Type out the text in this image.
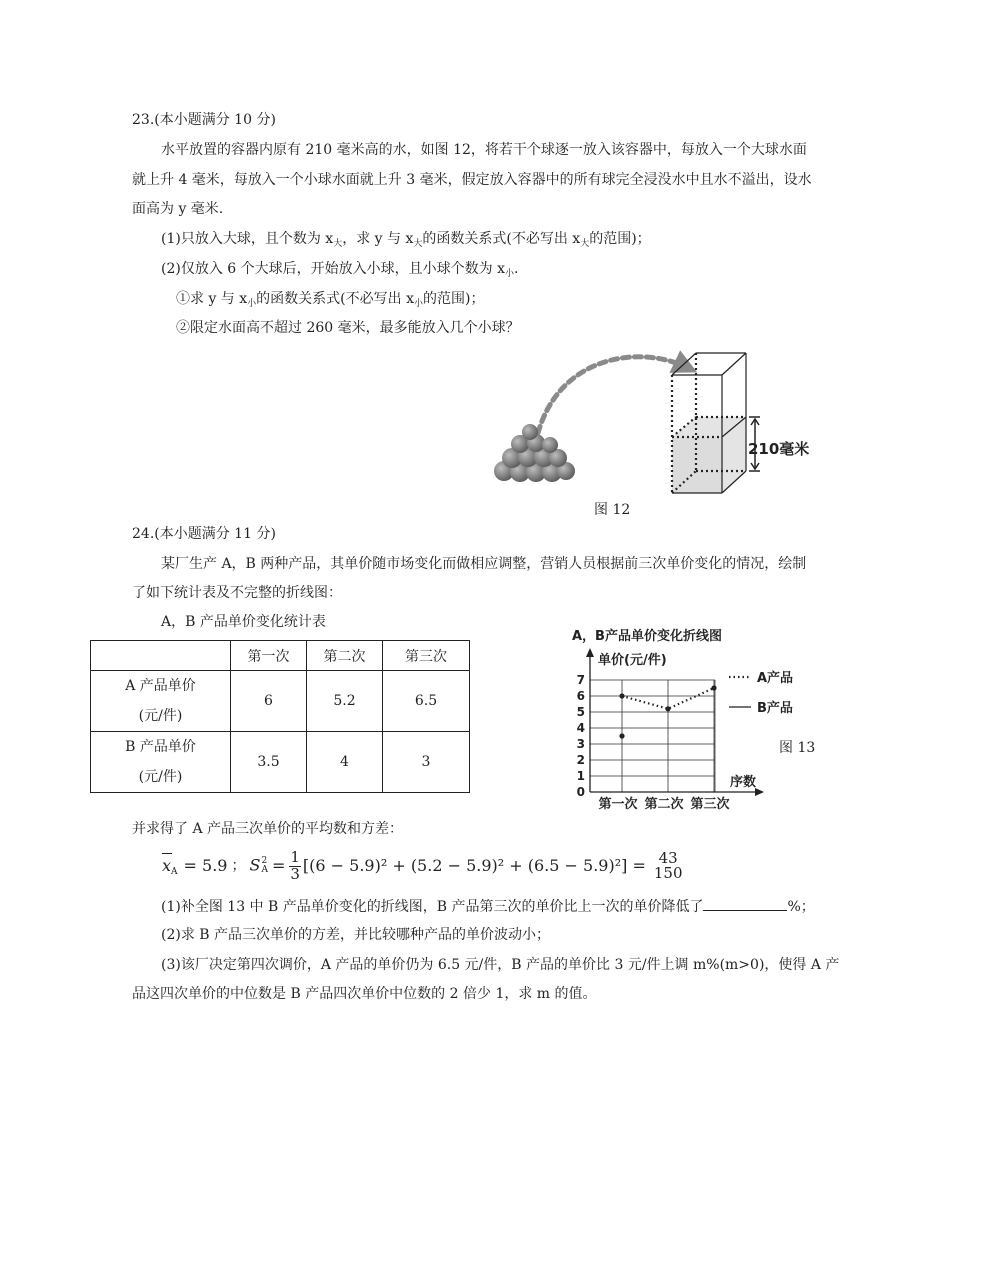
23.(本小题满分 10 分)
水平放置的容器内原有 210 毫米高的水，如图 12，将若干个球逐一放入该容器中，每放入一个大球水面
就上升 4 毫米，每放入一个小球水面就上升 3 毫米，假定放入容器中的所有球完全浸没水中且水不溢出，设水
面高为 y 毫米.
(1)只放入大球，且个数为 $x_大$，求 y 与 $x_大$的函数关系式(不必写出 $x_大$的范围)；
(2)仅放入 6 个大球后，开始放入小球，且小球个数为 $x_小$.
①求 y 与 $x_小$的函数关系式(不必写出 $x_小$的范围)；
②限定水面高不超过 260 毫米，最多能放入几个小球？
210毫米
图 12
24.(本小题满分 11 分)
某厂生产 A，B 两种产品，其单价随市场变化而做相应调整，营销人员根据前三次单价变化的情况，绘制
了如下统计表及不完整的折线图：
A，B 产品单价变化统计表
	第一次	第二次	第三次

A 产品单价
(元/件)	6	5.2	6.5

B 产品单价
(元/件)	3.5	4	3
A，B产品单价变化折线图
单价(元/件)
0
1
2
3
4
5
6
7
序数
第一次 第二次 第三次
A产品
B产品
图 13
并求得了 A 产品三次单价的平均数和方差：
xA = 5.9 ； S 2
$A = \frac{1}{3} [(6 - 5.9)^2 + (5.2 - 5.9)^2 + (6.5 - 5.9)^2] = 43$
150
(1)补全图 13 中 B 产品单价变化的折线图，B 产品第三次的单价比上一次的单价降低了	%；
(2)求 B 产品三次单价的方差，并比较哪种产品的单价波动小；
(3)该厂决定第四次调价，A 产品的单价仍为 6.5 元/件，B 产品的单价比 3 元/件上调 m%(m>0)，使得 A 产
品这四次单价的中位数是 B 产品四次单价中位数的 2 倍少 1，求 m 的值。
